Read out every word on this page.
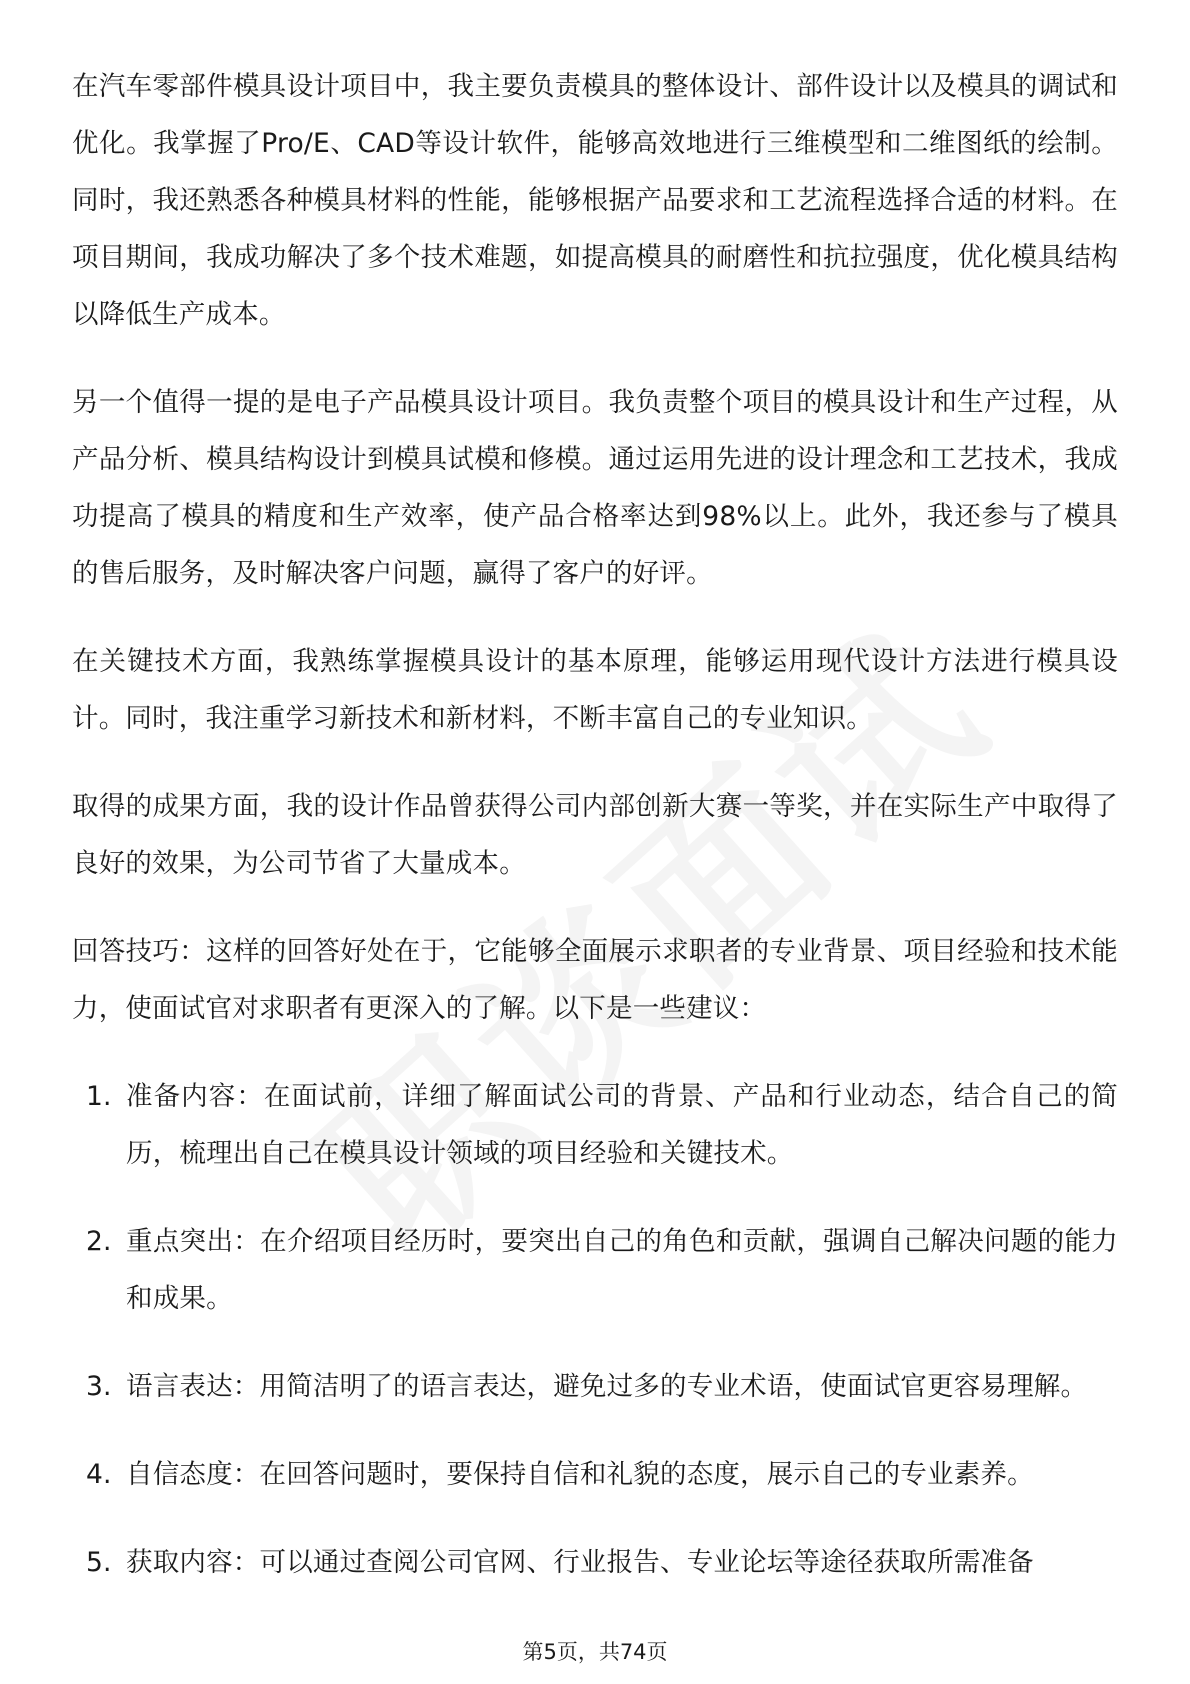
在汽车零部件模具设计项目中，我主要负责模具的整体设计、部件设计以及模具的调试和优化。我掌握了Pro/E、CAD等设计软件，能够高效地进行三维模型和二维图纸的绘制。同时，我还熟悉各种模具材料的性能，能够根据产品要求和工艺流程选择合适的材料。在项目期间，我成功解决了多个技术难题，如提高模具的耐磨性和抗拉强度，优化模具结构以降低生产成本。

另一个值得一提的是电子产品模具设计项目。我负责整个项目的模具设计和生产过程，从产品分析、模具结构设计到模具试模和修模。通过运用先进的设计理念和工艺技术，我成功提高了模具的精度和生产效率，使产品合格率达到98%以上。此外，我还参与了模具的售后服务，及时解决客户问题，赢得了客户的好评。

在关键技术方面，我熟练掌握模具设计的基本原理，能够运用现代设计方法进行模具设计。同时，我注重学习新技术和新材料，不断丰富自己的专业知识。

取得的成果方面，我的设计作品曾获得公司内部创新大赛一等奖，并在实际生产中取得了良好的效果，为公司节省了大量成本。

回答技巧：这样的回答好处在于，它能够全面展示求职者的专业背景、项目经验和技术能力，使面试官对求职者有更深入的了解。以下是一些建议：

1. 准备内容：在面试前，详细了解面试公司的背景、产品和行业动态，结合自己的简历，梳理出自己在模具设计领域的项目经验和关键技术。
2. 重点突出：在介绍项目经历时，要突出自己的角色和贡献，强调自己解决问题的能力和成果。
3. 语言表达：用简洁明了的语言表达，避免过多的专业术语，使面试官更容易理解。
4. 自信态度：在回答问题时，要保持自信和礼貌的态度，展示自己的专业素养。
5. 获取内容：可以通过查阅公司官网、行业报告、专业论坛等途径获取所需准备
第5页，共74页
